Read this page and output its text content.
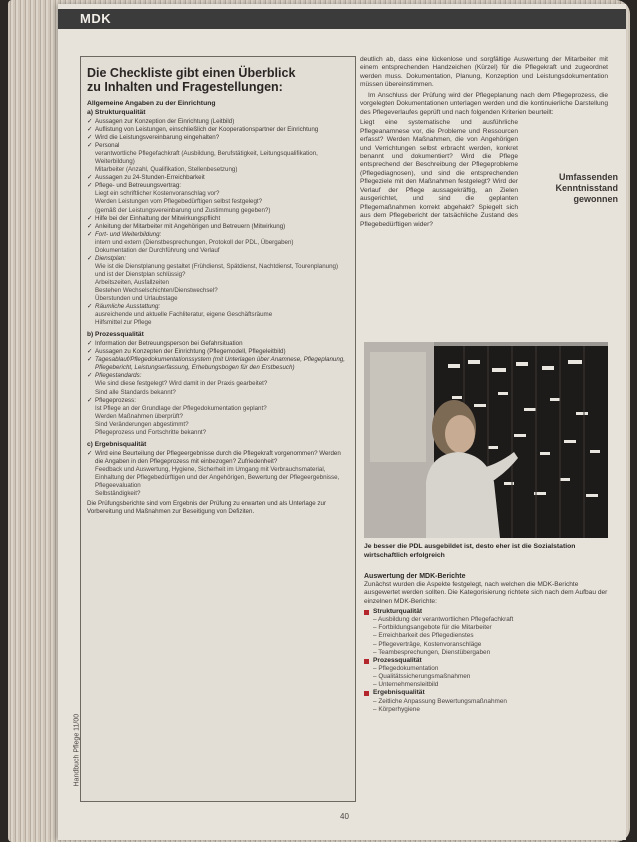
MDK
Handbuch Pflege 11/00
Die Checkliste gibt einen Überblick
zu Inhalten und Fragestellungen:
Allgemeine Angaben zu der Einrichtung
a) Strukturqualität
✓ Aussagen zur Konzeption der Einrichtung (Leitbild)
✓ Auflistung von Leistungen, einschließlich der Kooperationspartner der Einrichtung
✓ Wird die Leistungsvereinbarung eingehalten?
✓ Personal
verantwortliche Pflegefachkraft (Ausbildung, Berufstätigkeit, Leitungsqualifikation, Weiterbildung)
Mitarbeiter (Anzahl, Qualifikation, Stellenbesetzung)
✓ Aussagen zu 24-Stunden-Erreichbarkeit
✓ Pflege- und Betreuungsvertrag:
Liegt ein schriftlicher Kostenvoranschlag vor?
Werden Leistungen vom Pflegebedürftigen selbst festgelegt?
(gemäß der Leistungsvereinbarung und Zustimmung gegeben?)
✓ Hilfe bei der Einhaltung der Mitwirkungspflicht
✓ Anleitung der Mitarbeiter mit Angehörigen und Betreuern (Mitwirkung)
✓ Fort- und Weiterbildung:
intern und extern (Dienstbesprechungen, Protokoll der PDL, Übergaben)
Dokumentation der Durchführung und Verlauf
✓ Dienstplan:
Wie ist die Dienstplanung gestaltet (Frühdienst, Spätdienst, Nachtdienst, Tourenplanung) und ist der Dienstplan schlüssig?
Arbeitszeiten, Ausfallzeiten
Bestehen Wechselschichten/Dienstwechsel?
Überstunden und Urlaubstage
✓ Räumliche Ausstattung:
ausreichende und aktuelle Fachliteratur, eigene Geschäftsräume
Hilfsmittel zur Pflege
b) Prozessqualität
✓ Information der Betreuungsperson bei Gefahrsituation
✓ Aussagen zu Konzepten der Einrichtung (Pflegemodell, Pflegeleitbild)
✓ Tagesablauf/Pflegedokumentationssystem (mit Unterlagen über Anamnese, Pflegeplanung, Pflegebericht, Leistungserfassung, Erhebungsbogen für den Erstbesuch)
✓ Pflegestandards:
Wie sind diese festgelegt? Wird damit in der Praxis gearbeitet?
Sind alle Standards bekannt?
✓ Pflegeprozess:
Ist Pflege an der Grundlage der Pflegedokumentation geplant?
Werden Maßnahmen überprüft?
Sind Veränderungen abgestimmt?
Pflegeprozess und Fortschritte bekannt?
c) Ergebnisqualität
✓ Wird eine Beurteilung der Pflegeergebnisse durch die Pflegekraft vorgenommen? Werden die Angaben in den Pflegeprozess mit einbezogen? Zufriedenheit?
Feedback und Auswertung, Hygiene, Sicherheit im Umgang mit Verbrauchsmaterial, Einhaltung der Pflegebedürftigen und der Angehörigen, Bewertung der Pflegeergebnisse, Pflegeevaluation
Selbständigkeit?
Die Prüfungsberichte sind vom Ergebnis der Prüfung zu erwarten und als Unterlage zur Vorbereitung und Maßnahmen zur Beseitigung von Defiziten.

deutlich ab, dass eine lückenlose und sorgfältige Auswertung der Mitarbeiter mit einem entsprechenden Handzeichen (Kürzel) für die Pflegekraft und zugeordnet werden muss. Dokumentation, Planung, Konzeption und Leistungsdokumentation müssen übereinstimmen.

Im Anschluss der Prüfung wird der Pflegeplanung nach dem Pflegeprozess, die vorgelegten Dokumentationen unterlagen werden und die kontinuierliche Darstellung des Pflegeverlaufes geprüft und nach folgenden Kriterien beurteilt:

Liegt eine systematische und ausführliche Pflegeanamnese vor, die Probleme und Ressourcen erfasst? Werden Maßnahmen, die von Angehörigen und Verrichtungen selbst erbracht werden, konkret benannt und dokumentiert? Wird die Pflege entsprechend der Beschreibung der Pflegeprobleme (Pflegediagnosen), und sind die entsprechenden Pflegeziele mit den Maßnahmen festgelegt? Wird der Verlauf der Pflege aussagekräftig, an Zielen ausgerichtet, und sind die geplanten Pflegemaßnahmen korrekt abgehakt? Spiegelt sich aus dem Pflegebericht der tatsächliche Zustand des Pflegebedürftigen wider?

Umfassenden
Kenntnisstand
gewonnen
Je besser die PDL ausgebildet ist, desto eher ist die Sozialstation wirtschaftlich erfolgreich
Auswertung der MDK-Berichte
Zunächst wurden die Aspekte festgelegt, nach welchen die MDK-Berichte ausgewertet werden sollten. Die Kategorisierung richtete sich nach dem Aufbau der einzelnen MDK-Berichte:
Strukturqualität
– Ausbildung der verantwortlichen Pflegefachkraft
– Fortbildungsangebote für die Mitarbeiter
– Erreichbarkeit des Pflegedienstes
– Pflegeverträge, Kostenvoranschläge
– Teambesprechungen, Dienstübergaben
Prozessqualität
– Pflegedokumentation
– Qualitätssicherungsmaßnahmen
– Unternehmensleitbild
Ergebnisqualität
– Zeitliche Anpassung Bewertungsmaßnahmen
– Körperhygiene
40
